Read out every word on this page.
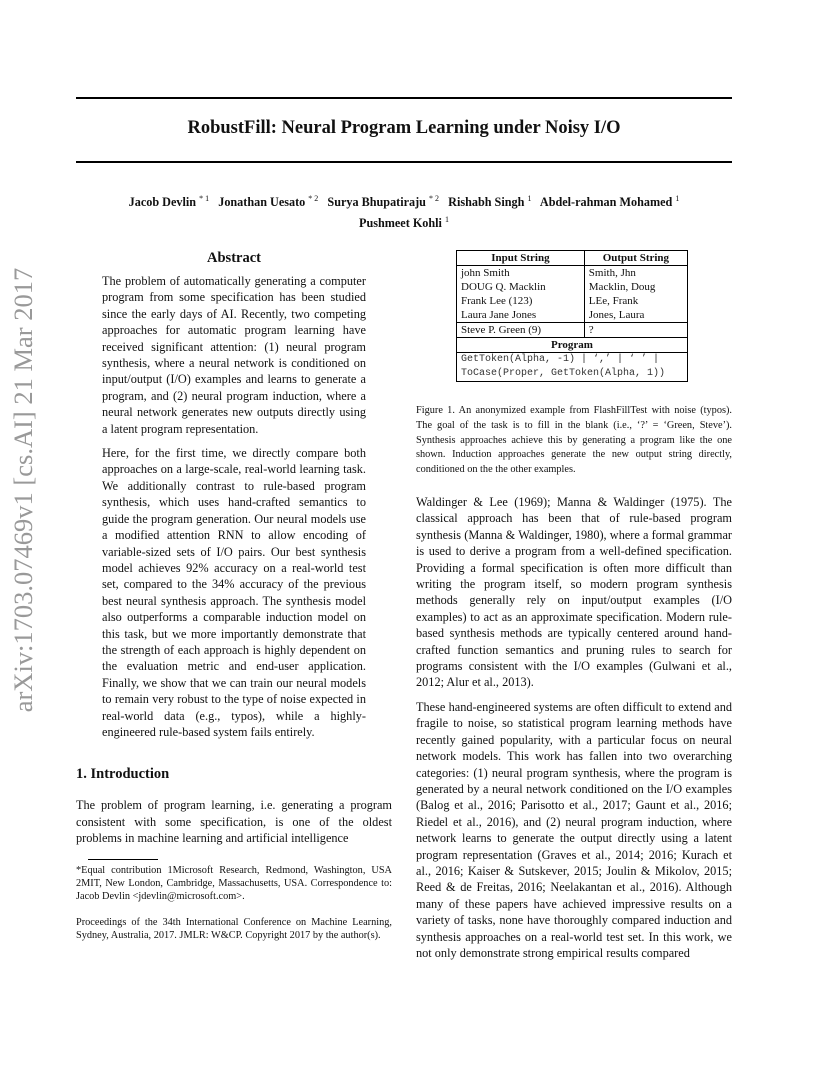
RobustFill: Neural Program Learning under Noisy I/O
Jacob Devlin $^{* 1}$ Jonathan Uesato $^{* 2}$ Surya Bhupatiraju $^{* 2}$ Rishabh Singh $^1$ Abdel-rahman Mohamed $^1$
Pushmeet Kohli $^1$
arXiv:1703.07469v1 [cs.AI] 21 Mar 2017
Abstract

The problem of automatically generating a computer program from some specification has been studied since the early days of AI. Recently, two competing approaches for automatic program learning have received significant attention: (1) neural program synthesis, where a neural network is conditioned on input/output (I/O) examples and learns to generate a program, and (2) neural program induction, where a neural network generates new outputs directly using a latent program representation.

Here, for the first time, we directly compare both approaches on a large-scale, real-world learning task. We additionally contrast to rule-based program synthesis, which uses hand-crafted semantics to guide the program generation. Our neural models use a modified attention RNN to allow encoding of variable-sized sets of I/O pairs. Our best synthesis model achieves 92% accuracy on a real-world test set, compared to the 34% accuracy of the previous best neural synthesis approach. The synthesis model also outperforms a comparable induction model on this task, but we more importantly demonstrate that the strength of each approach is highly dependent on the evaluation metric and end-user application. Finally, we show that we can train our neural models to remain very robust to the type of noise expected in real-world data (e.g., typos), while a highly-engineered rule-based system fails entirely.

1. Introduction

The problem of program learning, i.e. generating a program consistent with some specification, is one of the oldest problems in machine learning and artificial intelligence

*Equal contribution 1Microsoft Research, Redmond, Washington, USA 2MIT, New London, Cambridge, Massachusetts, USA. Correspondence to: Jacob Devlin <jdevlin@microsoft.com>.

Proceedings of the 34th International Conference on Machine Learning, Sydney, Australia, 2017. JMLR: W&CP. Copyright 2017 by the author(s).

Input String	Output String
john Smith	Smith, Jhn
DOUG Q. Macklin	Macklin, Doug
Frank Lee (123)	LEe, Frank
Laura Jane Jones	Jones, Laura
Steve P. Green (9)	?
Program	

GetToken(Alpha, -1) | ‘,’ | ‘ ’ |
ToCase(Proper, GetToken(Alpha, 1))	
Figure 1. An anonymized example from FlashFillTest with noise (typos). The goal of the task is to fill in the blank (i.e., ‘?’ = ‘Green, Steve’). Synthesis approaches achieve this by generating a program like the one shown. Induction approaches generate the new output string directly, conditioned on the the other examples.

Waldinger & Lee (1969); Manna & Waldinger (1975). The classical approach has been that of rule-based program synthesis (Manna & Waldinger, 1980), where a formal grammar is used to derive a program from a well-defined specification. Providing a formal specification is often more difficult than writing the program itself, so modern program synthesis methods generally rely on input/output examples (I/O examples) to act as an approximate specification. Modern rule-based synthesis methods are typically centered around hand-crafted function semantics and pruning rules to search for programs consistent with the I/O examples (Gulwani et al., 2012; Alur et al., 2013).

These hand-engineered systems are often difficult to extend and fragile to noise, so statistical program learning methods have recently gained popularity, with a particular focus on neural network models. This work has fallen into two overarching categories: (1) neural program synthesis, where the program is generated by a neural network conditioned on the I/O examples (Balog et al., 2016; Parisotto et al., 2017; Gaunt et al., 2016; Riedel et al., 2016), and (2) neural program induction, where network learns to generate the output directly using a latent program representation (Graves et al., 2014; 2016; Kurach et al., 2016; Kaiser & Sutskever, 2015; Joulin & Mikolov, 2015; Reed & de Freitas, 2016; Neelakantan et al., 2016). Although many of these papers have achieved impressive results on a variety of tasks, none have thoroughly compared induction and synthesis approaches on a real-world test set. In this work, we not only demonstrate strong empirical results compared
